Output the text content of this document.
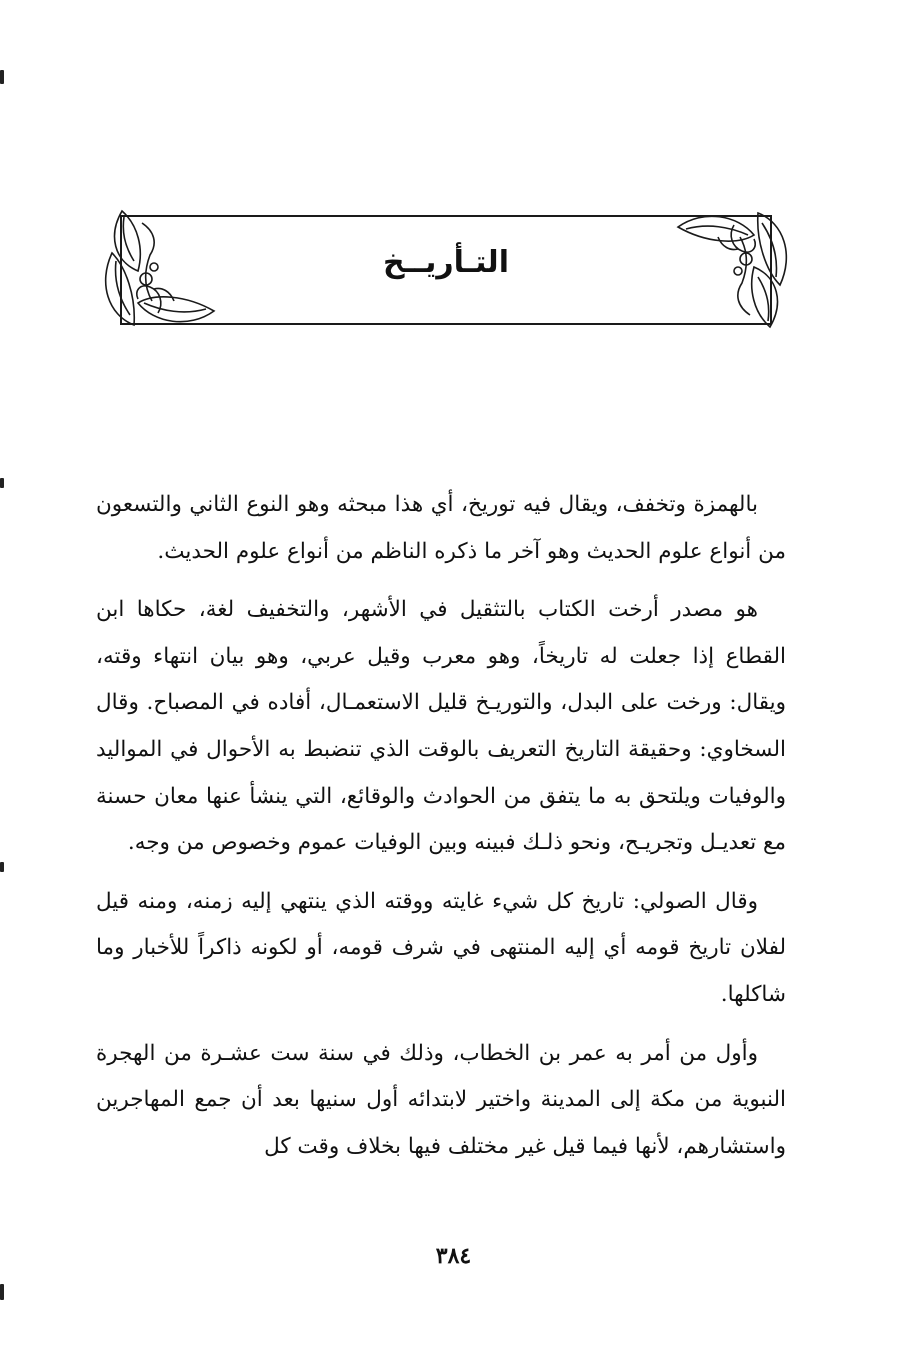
التـأريــخ

بالهمزة وتخفف، ويقال فيه توريخ، أي هذا مبحثه وهو النوع الثاني والتسعون من أنواع علوم الحديث وهو آخر ما ذكره الناظم من أنواع علوم الحديث.

هو مصدر أرخت الكتاب بالتثقيل في الأشهر، والتخفيف لغة، حكاها ابن القطاع إذا جعلت له تاريخاً، وهو معرب وقيل عربي، وهو بيان انتهاء وقته، ويقال: ورخت على البدل، والتوريـخ قليل الاستعمـال، أفاده في المصباح. وقال السخاوي: وحقيقة التاريخ التعريف بالوقت الذي تنضبط به الأحوال في المواليد والوفيات ويلتحق به ما يتفق من الحوادث والوقائع، التي ينشأ عنها معان حسنة مع تعديـل وتجريـح، ونحو ذلـك فبينه وبين الوفيات عموم وخصوص من وجه.

وقال الصولي: تاريخ كل شيء غايته ووقته الذي ينتهي إليه زمنه، ومنه قيل لفلان تاريخ قومه أي إليه المنتهى في شرف قومه، أو لكونه ذاكراً للأخبار وما شاكلها.

وأول من أمر به عمر بن الخطاب، وذلك في سنة ست عشـرة من الهجرة النبوية من مكة إلى المدينة واختير لابتدائه أول سنيها بعد أن جمع المهاجرين واستشارهم، لأنها فيما قيل غير مختلف فيها بخلاف وقت كل

٣٨٤
